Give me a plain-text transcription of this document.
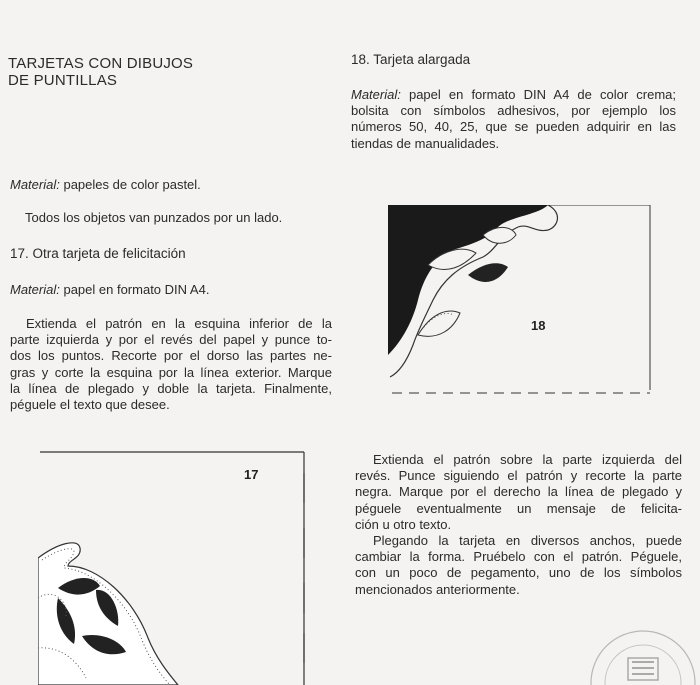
TARJETAS CON DIBUJOS
DE PUNTILLAS
Material: papeles de color pastel.
Todos los objetos van punzados por un lado.
17. Otra tarjeta de felicitación
Material: papel en formato DIN A4.
Extienda el patrón en la esquina inferior de la
parte izquierda y por el revés del papel y punce to-
dos los puntos. Recorte por el dorso las partes ne-
gras y corte la esquina por la línea exterior. Marque
la línea de plegado y doble la tarjeta. Finalmente,
péguele el texto que desee.
17
18. Tarjeta alargada
Material: papel en formato DIN A4 de color crema;
bolsita con símbolos adhesivos, por ejemplo los
números 50, 40, 25, que se pueden adquirir en las
tiendas de manualidades.
18
Extienda el patrón sobre la parte izquierda del
revés. Punce siguiendo el patrón y recorte la parte
negra. Marque por el derecho la línea de plegado y
péguele eventualmente un mensaje de felicita-
ción u otro texto.
Plegando la tarjeta en diversos anchos, puede
cambiar la forma. Pruébelo con el patrón. Péguele,
con un poco de pegamento, uno de los símbolos
mencionados anteriormente.
